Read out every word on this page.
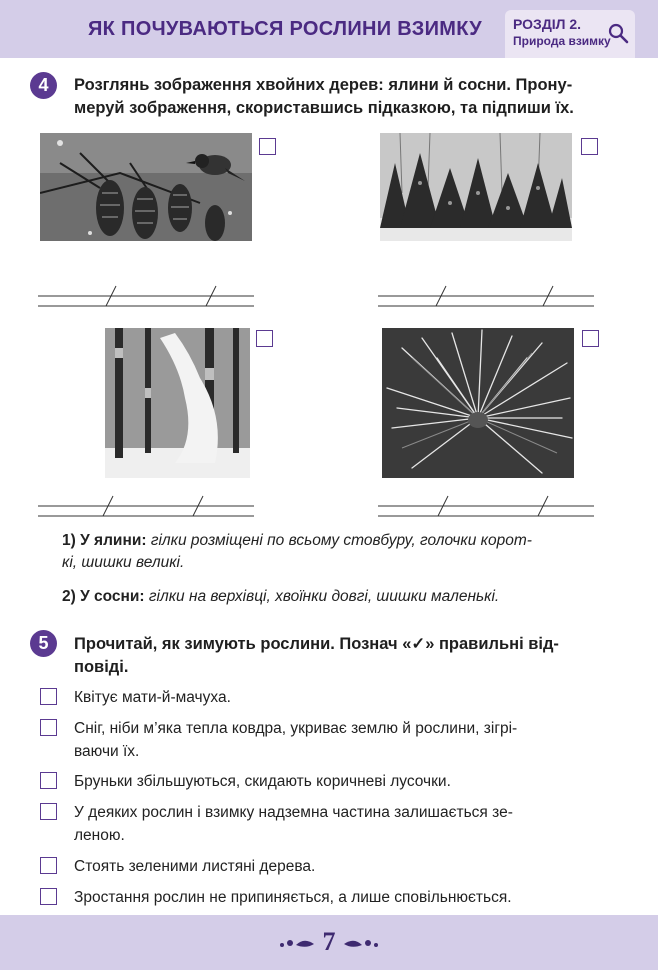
ЯК ПОЧУВАЮТЬСЯ РОСЛИНИ ВЗИМКУ РОЗДІЛ 2.
Природа взимку
4	Розглянь зображення хвойних дерев: ялини й сосни. Прону-
меруй зображення, скориставшись підказкою, та підпиши їх.
1) У ялини: гілки розміщені по всьому стовбуру, голочки корот-
кі, шишки великі.
2) У сосни: гілки на верхівці, хвоїнки довгі, шишки маленькі.
5	Прочитай, як зимують рослини. Познач «✓» правильні від-
повіді.
Квітує мати-й-мачуха.
Сніг, ніби м’яка тепла ковдра, укриває землю й рослини, зігрі-
ваючи їх.
Бруньки збільшуються, скидають коричневі лусочки.
У деяких рослин і взимку надземна частина залишається зе-
леною.
Стоять зеленими листяні дерева.
Зростання рослин не припиняється, а лише сповільнюється.
7
